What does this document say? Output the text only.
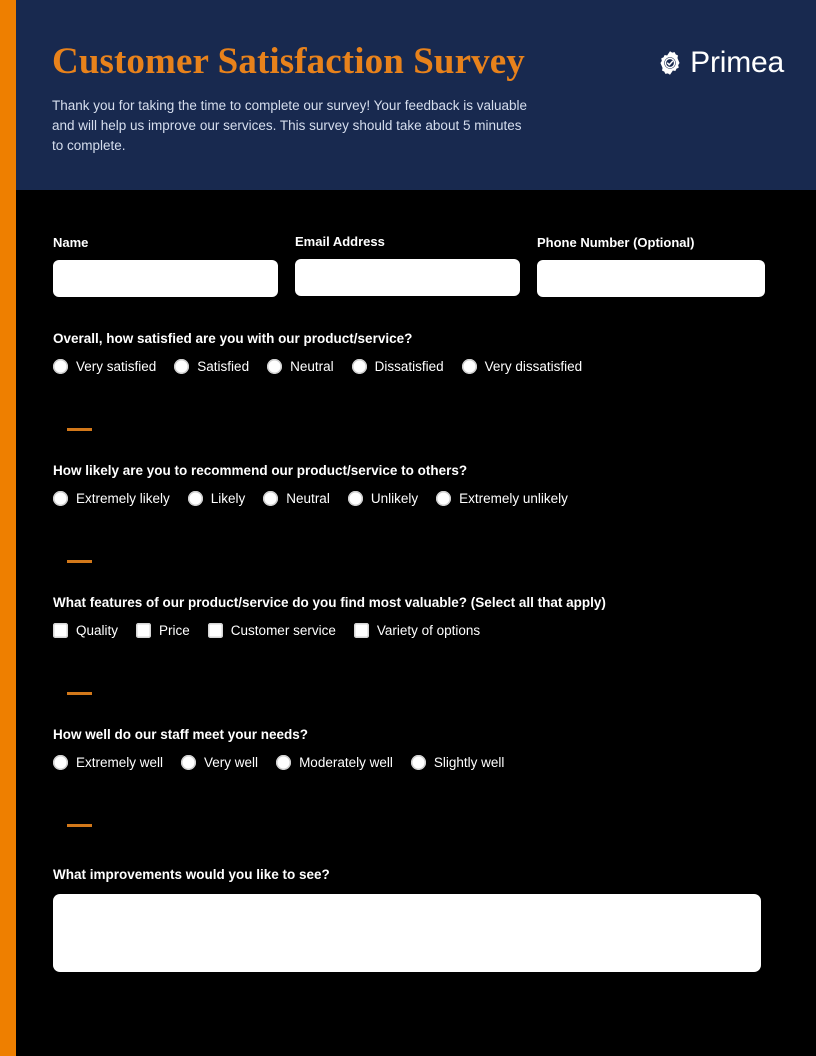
Customer Satisfaction Survey
Thank you for taking the time to complete our survey! Your feedback is valuable and will help us improve our services. This survey should take about 5 minutes to complete.
Primea
Name	Email Address	Phone Number (Optional)
Overall, how satisfied are you with our product/service?
Very satisfied	Satisfied	Neutral	Dissatisfied	Very dissatisfied
How likely are you to recommend our product/service to others?
Extremely likely	Likely	Neutral	Unlikely	Extremely unlikely
What features of our product/service do you find most valuable? (Select all that apply)
Quality	Price	Customer service	Variety of options
How well do our staff meet your needs?
Extremely well	Very well	Moderately well	Slightly well
What improvements would you like to see?
